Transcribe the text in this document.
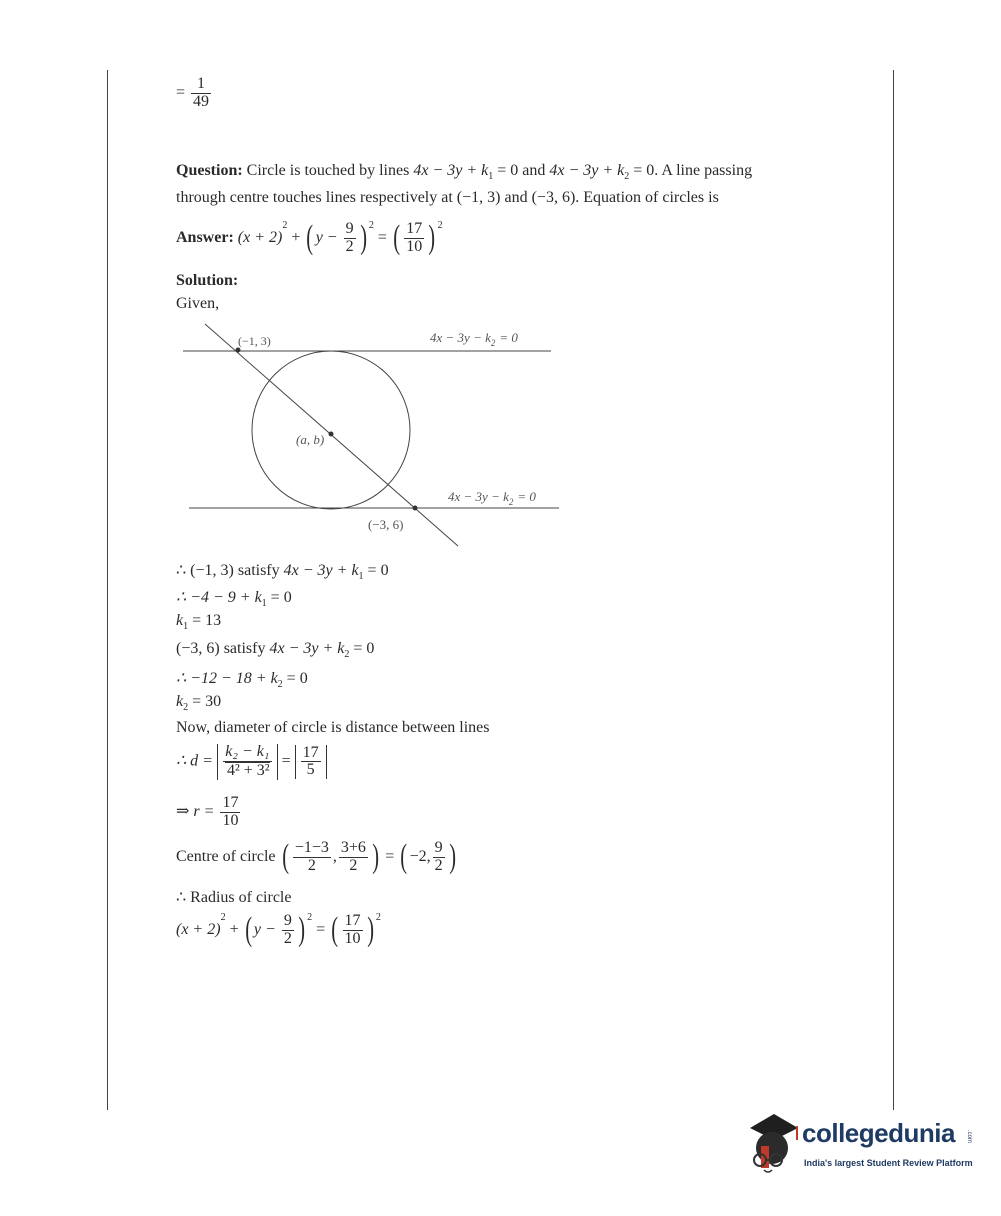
= $\frac{1}{49}$
Question: Circle is touched by lines $4x - 3y + k_1 = 0$ and $4x - 3y + k_2 = 0$. A line passing
through centre touches lines respectively at (−1, 3) and (−3, 6). Equation of circles is
Answer: $(x + 2)^2$ + ( $y - \frac{9}{2}$ ) $^2$ = ( $\frac{17}{10}$ ) $^2$
Solution:
Given,
(−1, 3)	$4x - 3y - k_2 = 0$
(a, b)
$4x - 3y - k_2 = 0$
(−3, 6)
∴ (−1, 3) satisfy $4x - 3y + k_1 = 0$
∴ $-4 - 9 + k_1 = 0$
$k_1 = 13$
(−3, 6) satisfy $4x - 3y + k_2 = 0$
∴ $-12 - 18 + k_2 = 0$
$k_2 = 30$
Now, diameter of circle is distance between lines
∴ $d = \frac{\text{k₂ − k₁}}{\text{4² + 3²}} = \frac{17}{5}$
⇒ $r = \frac{17}{10}$
Centre of circle ( $\frac{-1-3}{2}$ , $\frac{3+6}{2}$ ) = ( −2, $\frac{9}{2}$ )
∴ Radius of circle
$(x + 2)^2$ + ( $y - \frac{9}{2}$ ) $^2$ = ( $\frac{17}{10}$ ) $^2$
collegedunia .com
India's largest Student Review Platform
